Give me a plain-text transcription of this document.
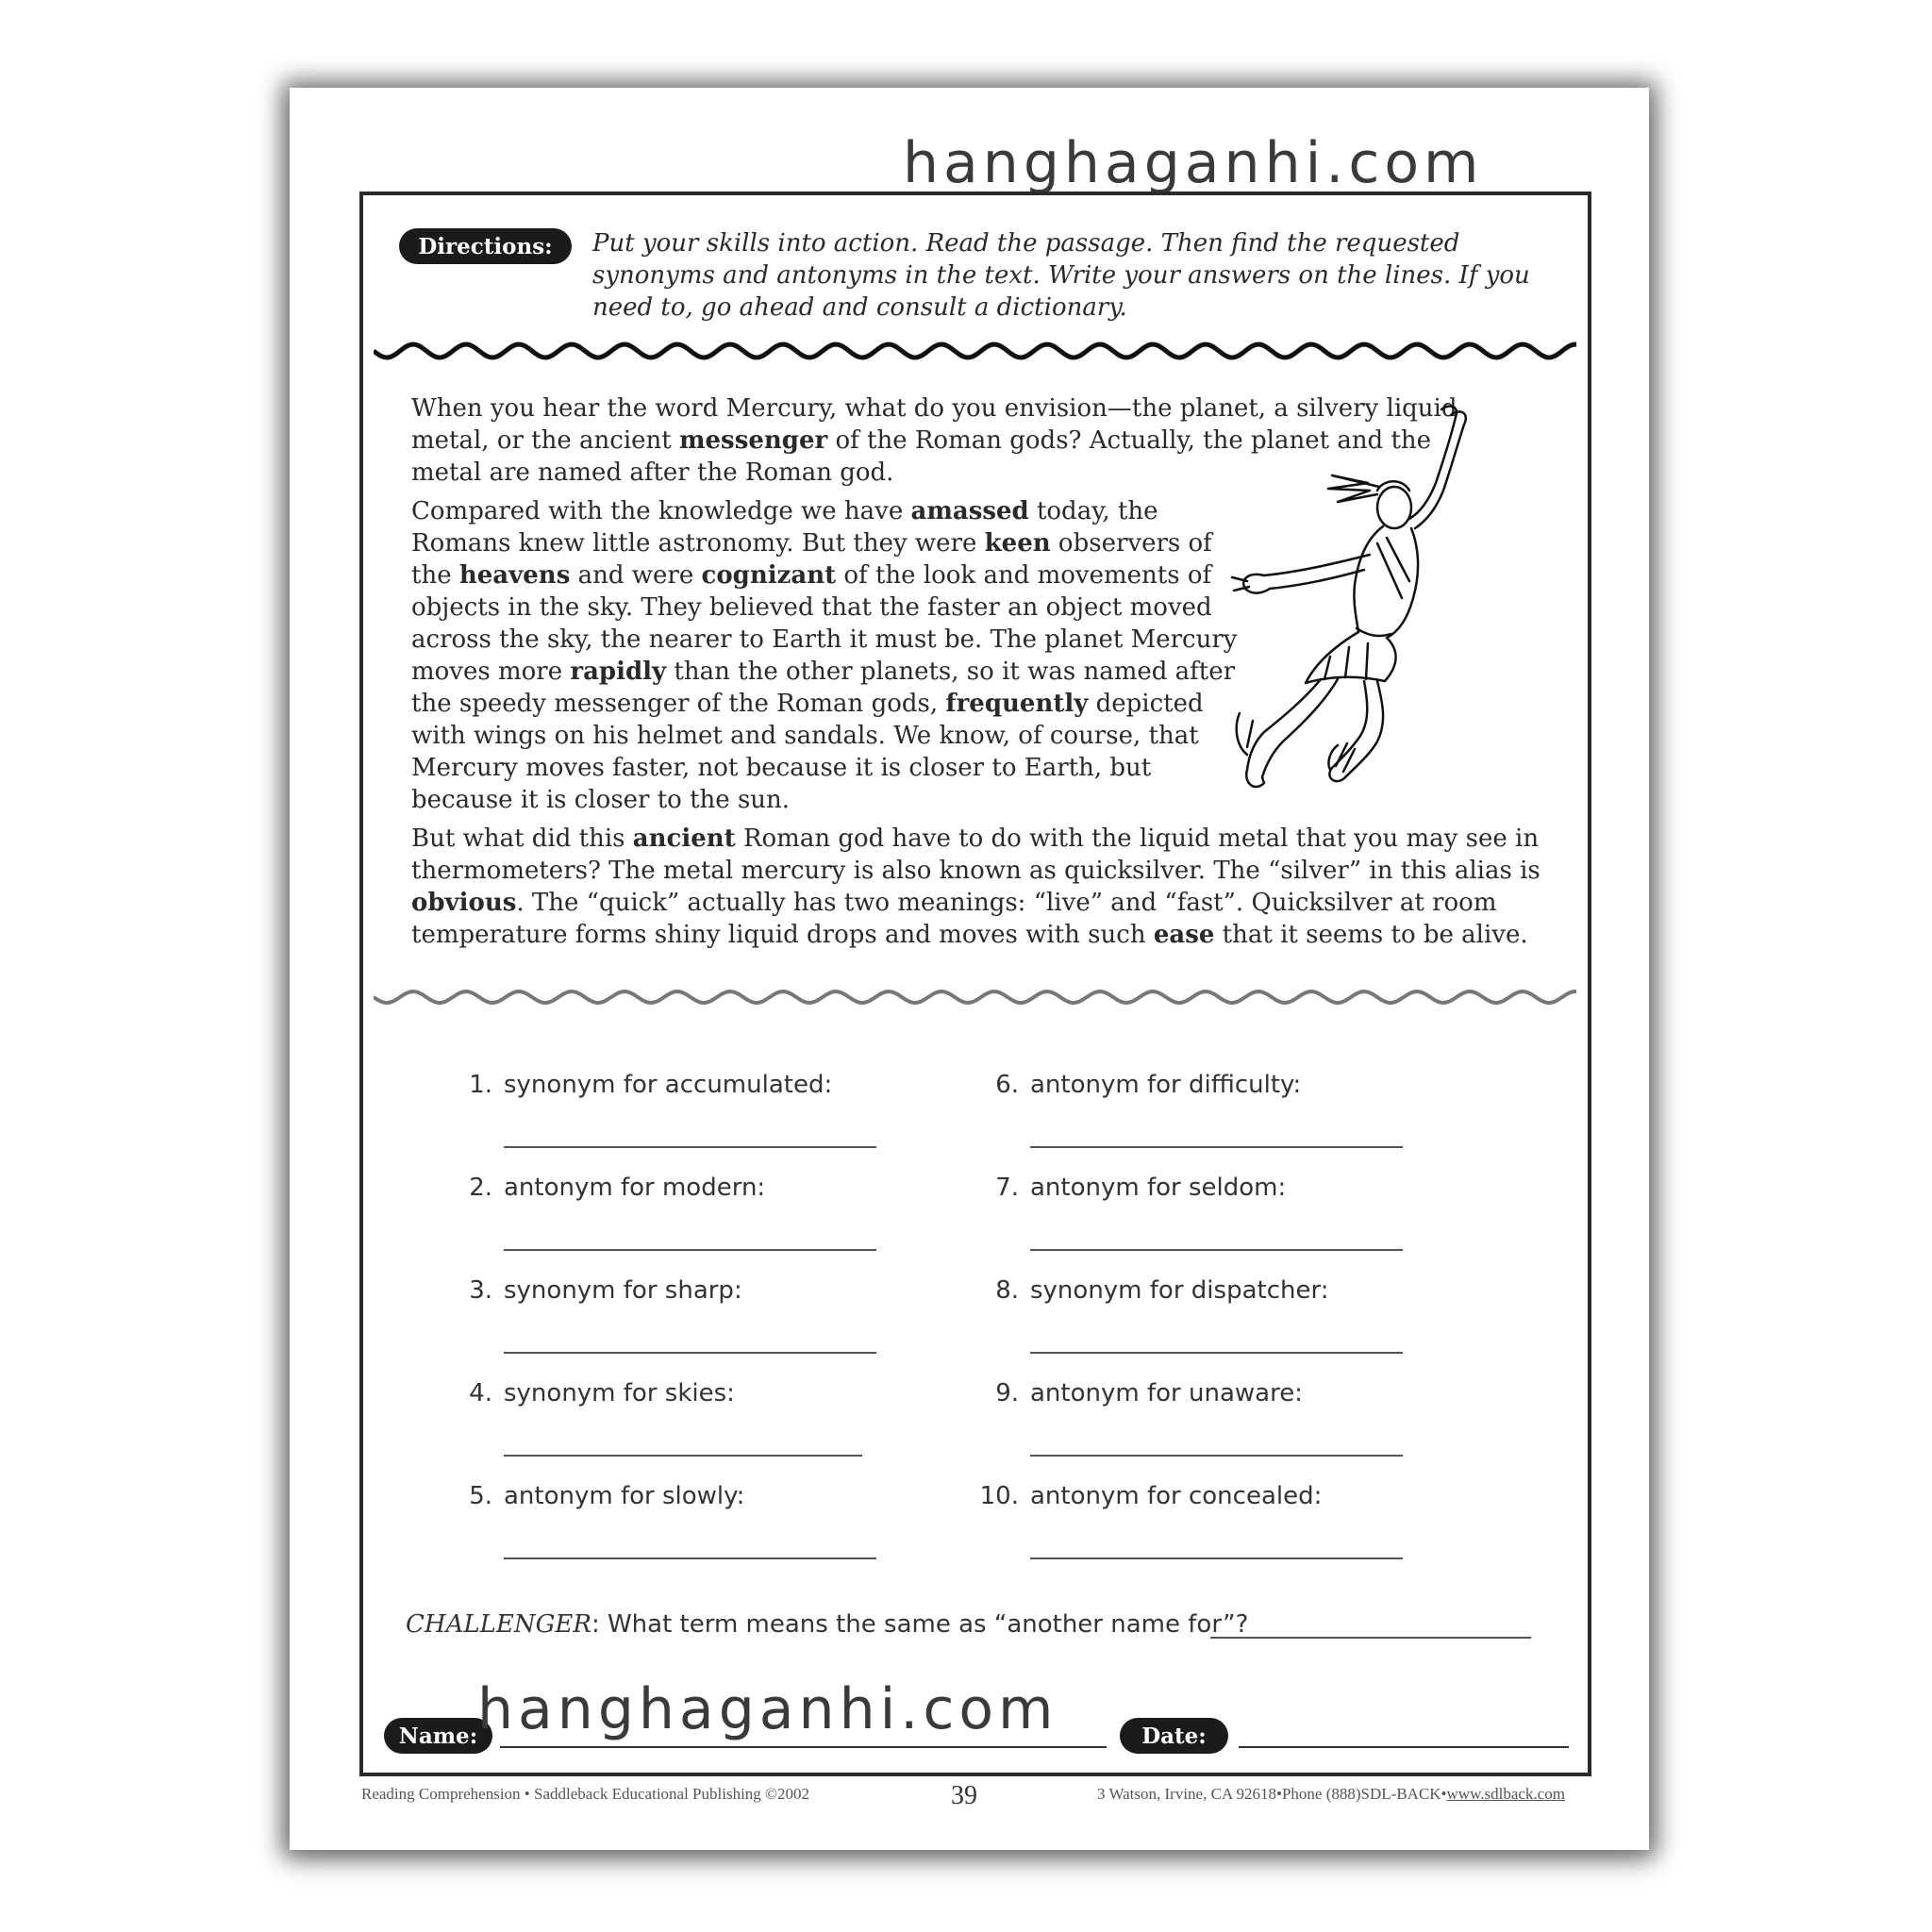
hanghaganhi.com
Directions:	Put your skills into action. Read the passage. Then find the requested synonyms and antonyms in the text. Write your answers on the lines. If you need to, go ahead and consult a dictionary.

When you hear the word Mercury, what do you envision—the planet, a silvery liquid metal, or the ancient messenger of the Roman gods? Actually, the planet and the metal are named after the Roman god.

Compared with the knowledge we have amassed today, the Romans knew little astronomy. But they were keen observers of the heavens and were cognizant of the look and movements of objects in the sky. They believed that the faster an object moved across the sky, the nearer to Earth it must be. The planet Mercury moves more rapidly than the other planets, so it was named after the speedy messenger of the Roman gods, frequently depicted with wings on his helmet and sandals. We know, of course, that Mercury moves faster, not because it is closer to Earth, but because it is closer to the sun.

But what did this ancient Roman god have to do with the liquid metal that you may see in thermometers? The metal mercury is also known as quicksilver. The “silver” in this alias is obvious. The “quick” actually has two meanings: “live” and “fast”. Quicksilver at room temperature forms shiny liquid drops and moves with such ease that it seems to be alive.

1. synonym for accumulated:
2. antonym for modern:
3. synonym for sharp:
4. synonym for skies:
5. antonym for slowly:
6. antonym for difficulty:
7. antonym for seldom:
8. synonym for dispatcher:
9. antonym for unaware:
10. antonym for concealed:
CHALLENGER: What term means the same as “another name for”?
Name:	Date:
hanghaganhi.com
Reading Comprehension • Saddleback Educational Publishing ©2002	39	3 Watson, Irvine, CA 92618•Phone (888)SDL-BACK•www.sdlback.com
